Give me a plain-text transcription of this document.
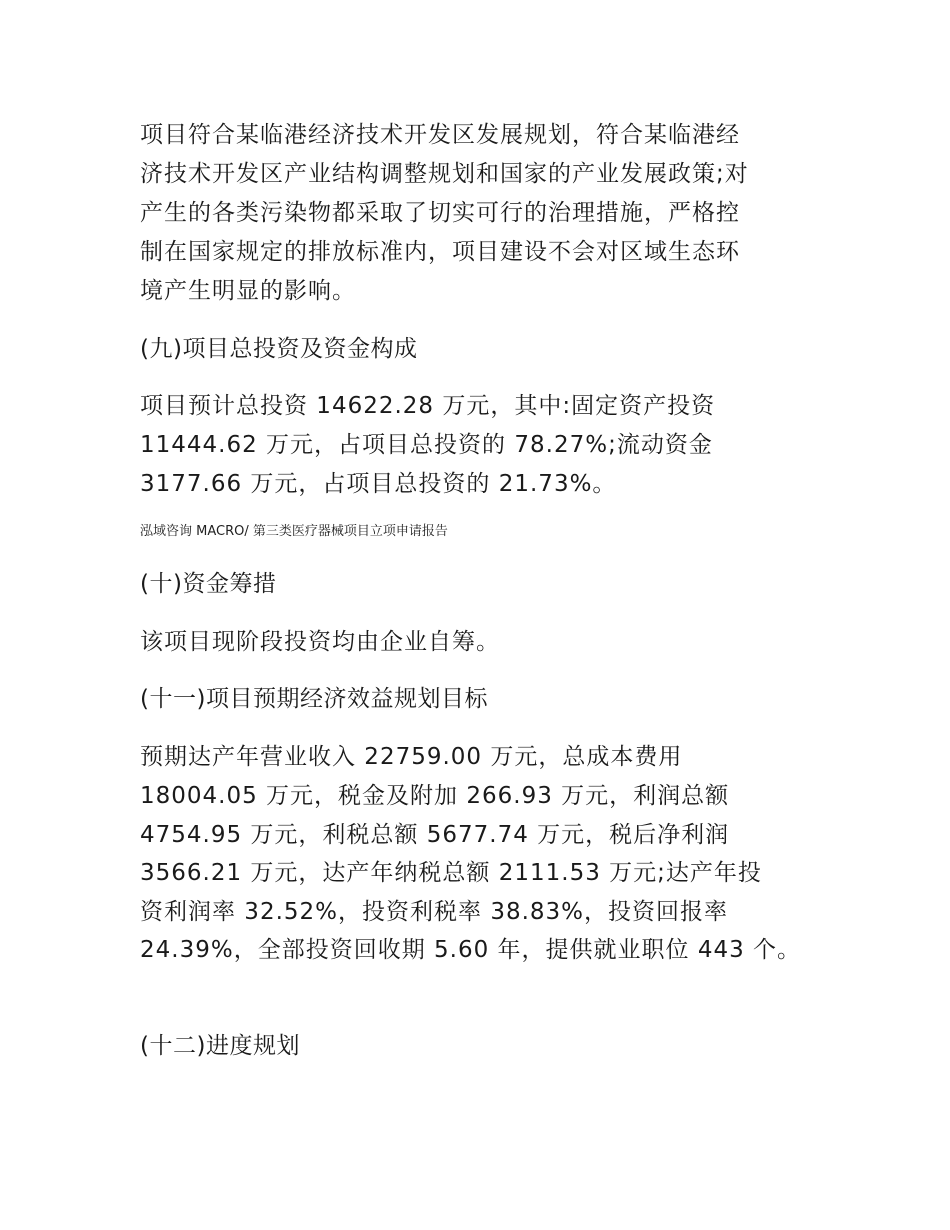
项目符合某临港经济技术开发区发展规划，符合某临港经
济技术开发区产业结构调整规划和国家的产业发展政策;对
产生的各类污染物都采取了切实可行的治理措施，严格控
制在国家规定的排放标准内，项目建设不会对区域生态环
境产生明显的影响。
(九)项目总投资及资金构成
项目预计总投资 14622.28 万元，其中:固定资产投资
11444.62 万元，占项目总投资的 78.27%;流动资金
3177.66 万元，占项目总投资的 21.73%。
泓域咨询 MACRO/ 第三类医疗器械项目立项申请报告
(十)资金筹措
该项目现阶段投资均由企业自筹。
(十一)项目预期经济效益规划目标
预期达产年营业收入 22759.00 万元，总成本费用
18004.05 万元，税金及附加 266.93 万元，利润总额
4754.95 万元，利税总额 5677.74 万元，税后净利润
3566.21 万元，达产年纳税总额 2111.53 万元;达产年投
资利润率 32.52%，投资利税率 38.83%，投资回报率
24.39%，全部投资回收期 5.60 年，提供就业职位 443 个。
(十二)进度规划
